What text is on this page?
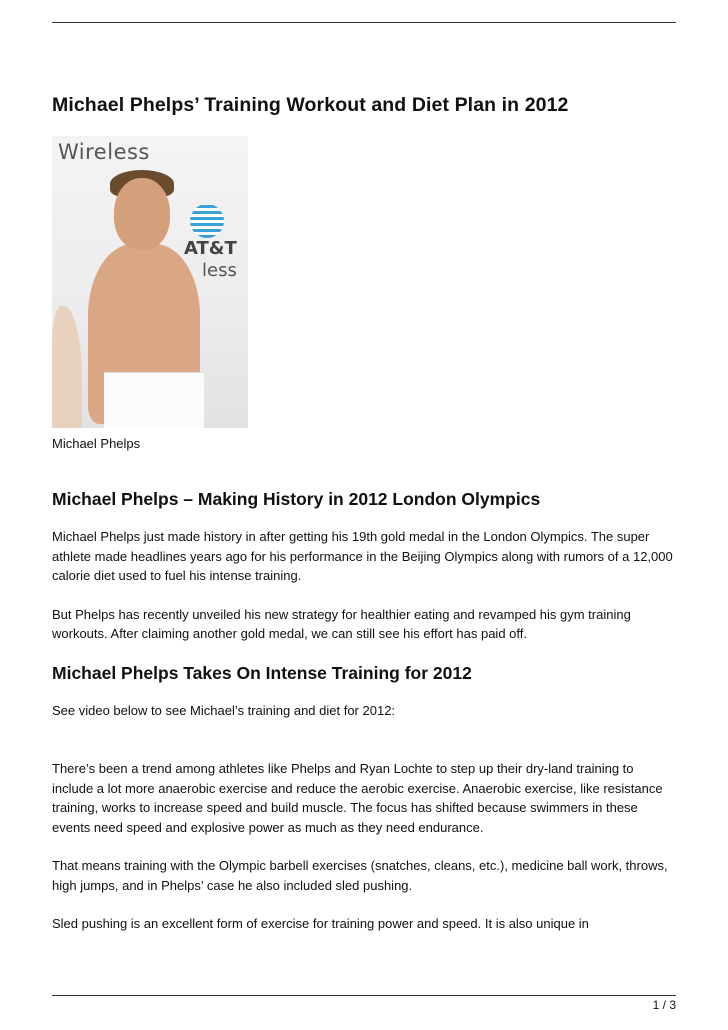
Michael Phelps’ Training Workout and Diet Plan in 2012
Wireless
AT&T
less
Michael Phelps
Michael Phelps – Making History in 2012 London Olympics

Michael Phelps just made history in after getting his 19th gold medal in the London Olympics. The super athlete made headlines years ago for his performance in the Beijing Olympics along with rumors of a 12,000 calorie diet used to fuel his intense training.

But Phelps has recently unveiled his new strategy for healthier eating and revamped his gym training workouts. After claiming another gold medal, we can still see his effort has paid off.

Michael Phelps Takes On Intense Training for 2012

See video below to see Michael’s training and diet for 2012:

There’s been a trend among athletes like Phelps and Ryan Lochte to step up their dry-land training to include a lot more anaerobic exercise and reduce the aerobic exercise. Anaerobic exercise, like resistance training, works to increase speed and build muscle. The focus has shifted because swimmers in these events need speed and explosive power as much as they need endurance.

That means training with the Olympic barbell exercises (snatches, cleans, etc.), medicine ball work, throws, high jumps, and in Phelps’ case he also included sled pushing.

Sled pushing is an excellent form of exercise for training power and speed. It is also unique in

1 / 3
